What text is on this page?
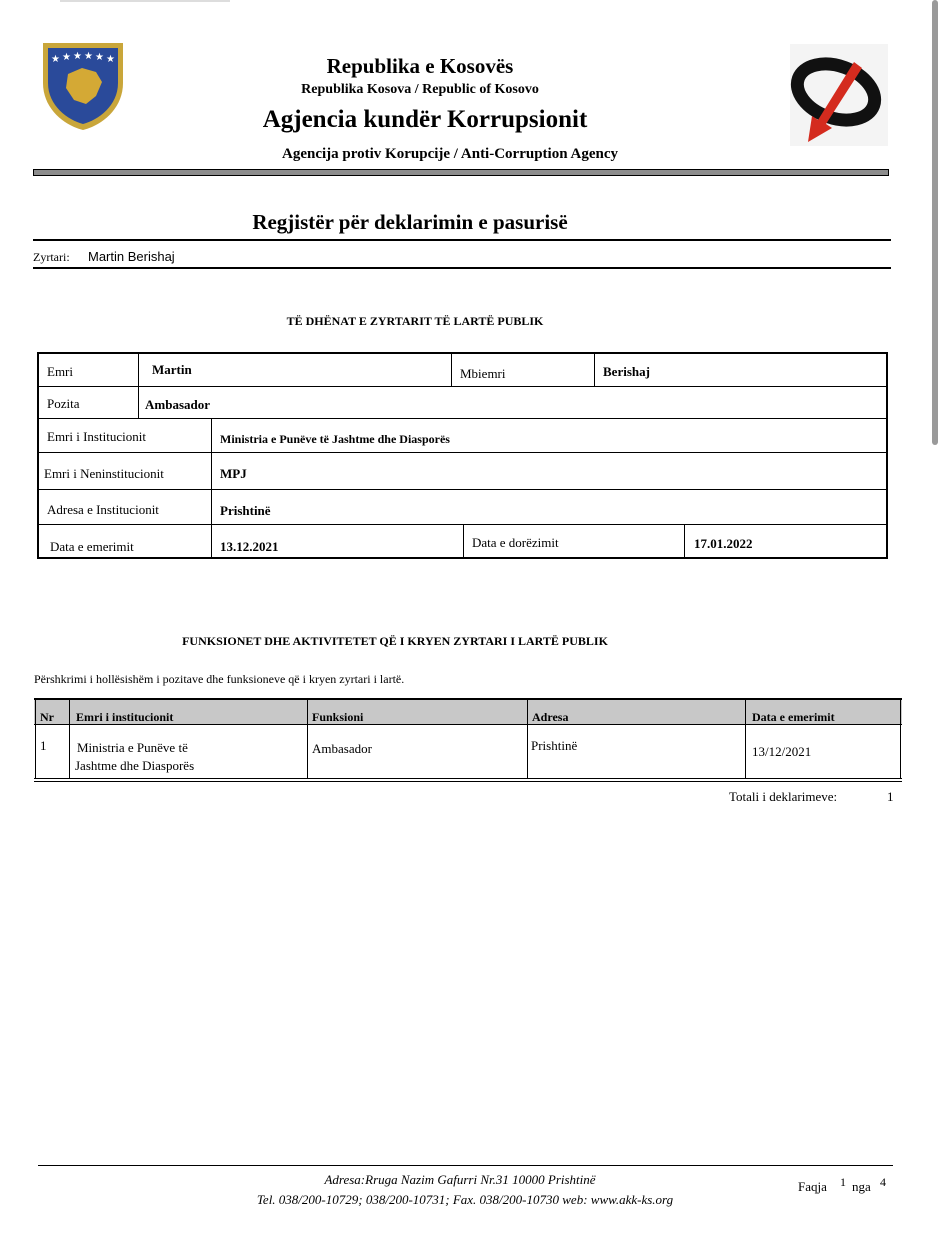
★ ★ ★ ★ ★ ★	Republika e Kosovës
Republika Kosova / Republic of Kosovo
Agjencia kundër Korrupsionit
Agencija protiv Korupcije / Anti-Corruption Agency
Regjistër për deklarimin e pasurisë
Zyrtari: Martin Berishaj
TË DHËNAT E ZYRTARIT TË LARTË PUBLIK
Emri	Martin	Mbiemri	Berishaj
Pozita	Ambasador
Emri i Institucionit	Ministria e Punëve të Jashtme dhe Diasporës
Emri i Neninstitucionit	MPJ
Adresa e Institucionit	Prishtinë
Data e emerimit	13.12.2021	Data e dorëzimit	17.01.2022
FUNKSIONET DHE AKTIVITETET QË I KRYEN ZYRTARI I LARTË PUBLIK
Përshkrimi i hollësishëm i pozitave dhe funksioneve që i kryen zyrtari i lartë.
Nr Emri i institucionit	Funksioni	Adresa	Data e emerimit
1 Ministria e Punëve të
Jashtme dhe Diasporës
Ambasador	Prishtinë	13/12/2021
Totali i deklarimeve:	1
Adresa:Rruga Nazim Gafurri Nr.31 10000 Prishtinë
Tel. 038/200-10729; 038/200-10731; Fax. 038/200-10730 web: www.akk-ks.org
Faqja 1 nga 4
